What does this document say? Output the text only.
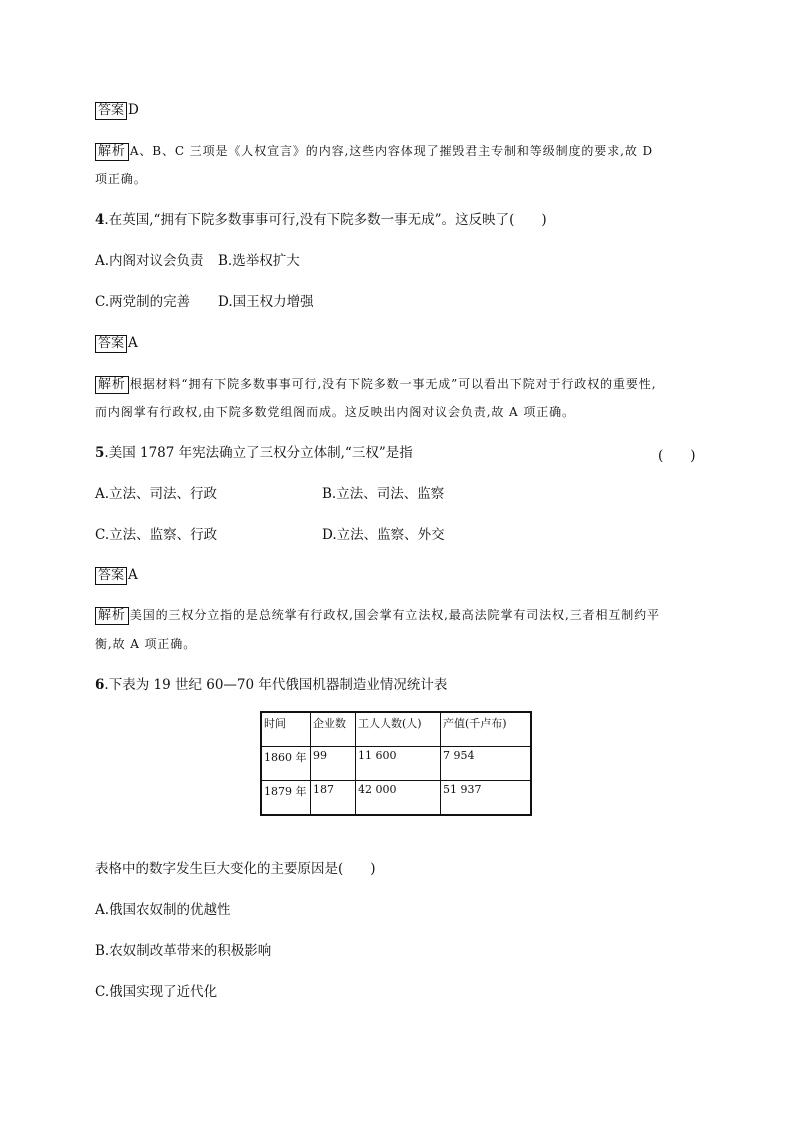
答案 D
解析 A、B、C 三项是《人权宣言》的内容,这些内容体现了摧毁君主专制和等级制度的要求,故 D
项正确。
4.在英国,“拥有下院多数事事可行,没有下院多数一事无成”。这反映了(　　)
A.内阁对议会负责 B.选举权扩大
C.两党制的完善 D.国王权力增强
答案 A
解析 根据材料“拥有下院多数事事可行,没有下院多数一事无成”可以看出下院对于行政权的重要性,
而内阁掌有行政权,由下院多数党组阁而成。这反映出内阁对议会负责,故 A 项正确。
5.美国 1787 年宪法确立了三权分立体制,“三权”是指	(　　)
A.立法、司法、行政	B.立法、司法、监察
C.立法、监察、行政	D.立法、监察、外交
答案 A
解析 美国的三权分立指的是总统掌有行政权,国会掌有立法权,最高法院掌有司法权,三者相互制约平
衡,故 A 项正确。
6.下表为 19 世纪 60—70 年代俄国机器制造业情况统计表
时间	企业数	工人人数(人)	产值(千卢布)
1860 年	99	11 600	7 954
1879 年	187	42 000	51 937
表格中的数字发生巨大变化的主要原因是(　　)
A.俄国农奴制的优越性
B.农奴制改革带来的积极影响
C.俄国实现了近代化
